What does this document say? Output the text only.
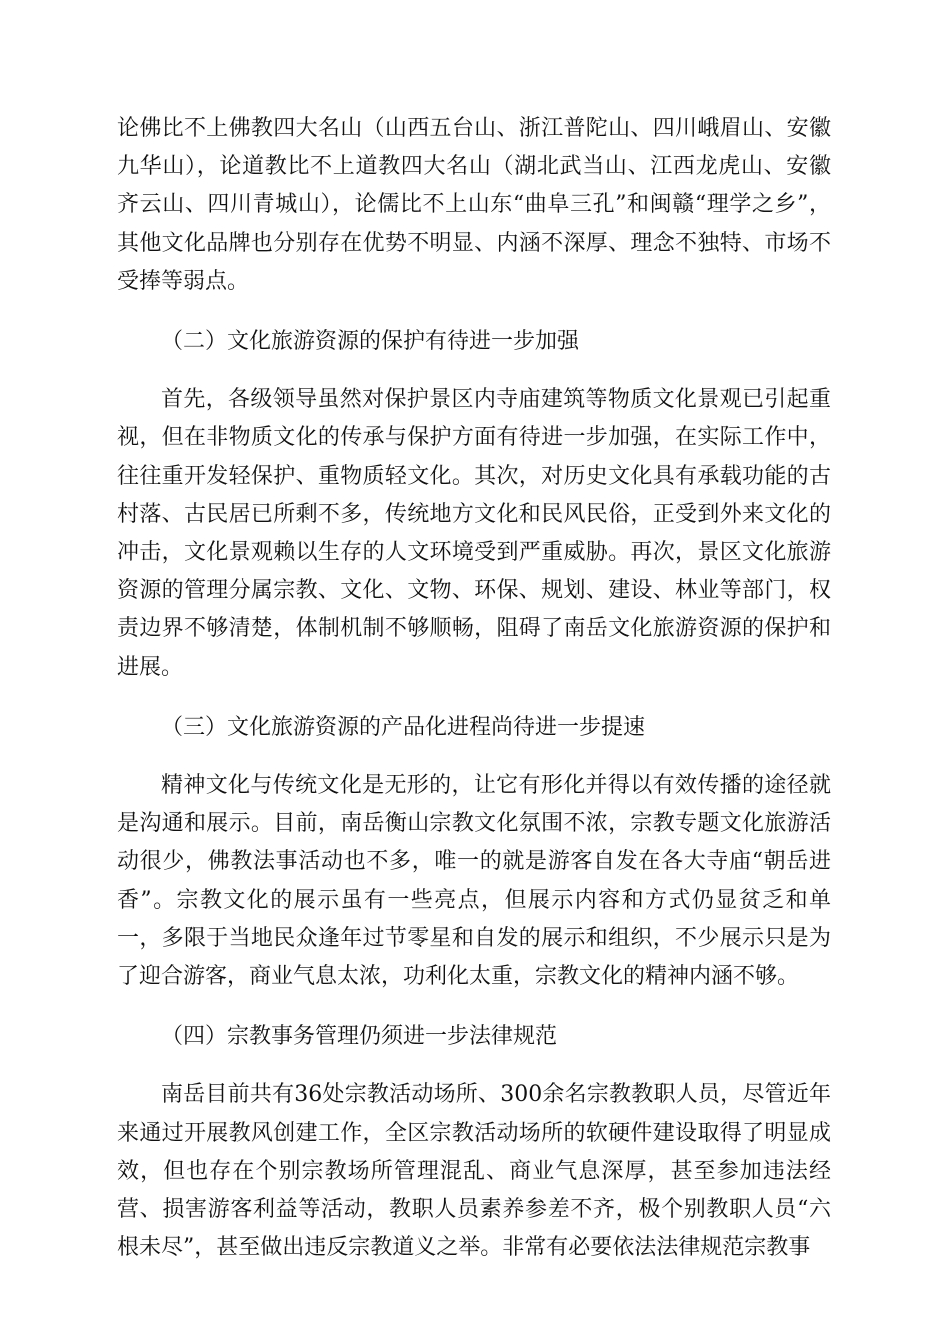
论佛比不上佛教四大名山（山西五台山、浙江普陀山、四川峨眉山、安徽九华山），论道教比不上道教四大名山（湖北武当山、江西龙虎山、安徽齐云山、四川青城山），论儒比不上山东“曲阜三孔”和闽赣“理学之乡”，其他文化品牌也分别存在优势不明显、内涵不深厚、理念不独特、市场不受捧等弱点。

（二）文化旅游资源的保护有待进一步加强

首先，各级领导虽然对保护景区内寺庙建筑等物质文化景观已引起重视，但在非物质文化的传承与保护方面有待进一步加强，在实际工作中，往往重开发轻保护、重物质轻文化。其次，对历史文化具有承载功能的古村落、古民居已所剩不多，传统地方文化和民风民俗，正受到外来文化的冲击，文化景观赖以生存的人文环境受到严重威胁。再次，景区文化旅游资源的管理分属宗教、文化、文物、环保、规划、建设、林业等部门，权责边界不够清楚，体制机制不够顺畅，阻碍了南岳文化旅游资源的保护和进展。

（三）文化旅游资源的产品化进程尚待进一步提速

精神文化与传统文化是无形的，让它有形化并得以有效传播的途径就是沟通和展示。目前，南岳衡山宗教文化氛围不浓，宗教专题文化旅游活动很少，佛教法事活动也不多，唯一的就是游客自发在各大寺庙“朝岳进香”。宗教文化的展示虽有一些亮点，但展示内容和方式仍显贫乏和单一，多限于当地民众逢年过节零星和自发的展示和组织，不少展示只是为了迎合游客，商业气息太浓，功利化太重，宗教文化的精神内涵不够。

（四）宗教事务管理仍须进一步法律规范

南岳目前共有36处宗教活动场所、300余名宗教教职人员，尽管近年来通过开展教风创建工作，全区宗教活动场所的软硬件建设取得了明显成效，但也存在个别宗教场所管理混乱、商业气息深厚，甚至参加违法经营、损害游客利益等活动，教职人员素养参差不齐，极个别教职人员“六根未尽”，甚至做出违反宗教道义之举。非常有必要依法法律规范宗教事
